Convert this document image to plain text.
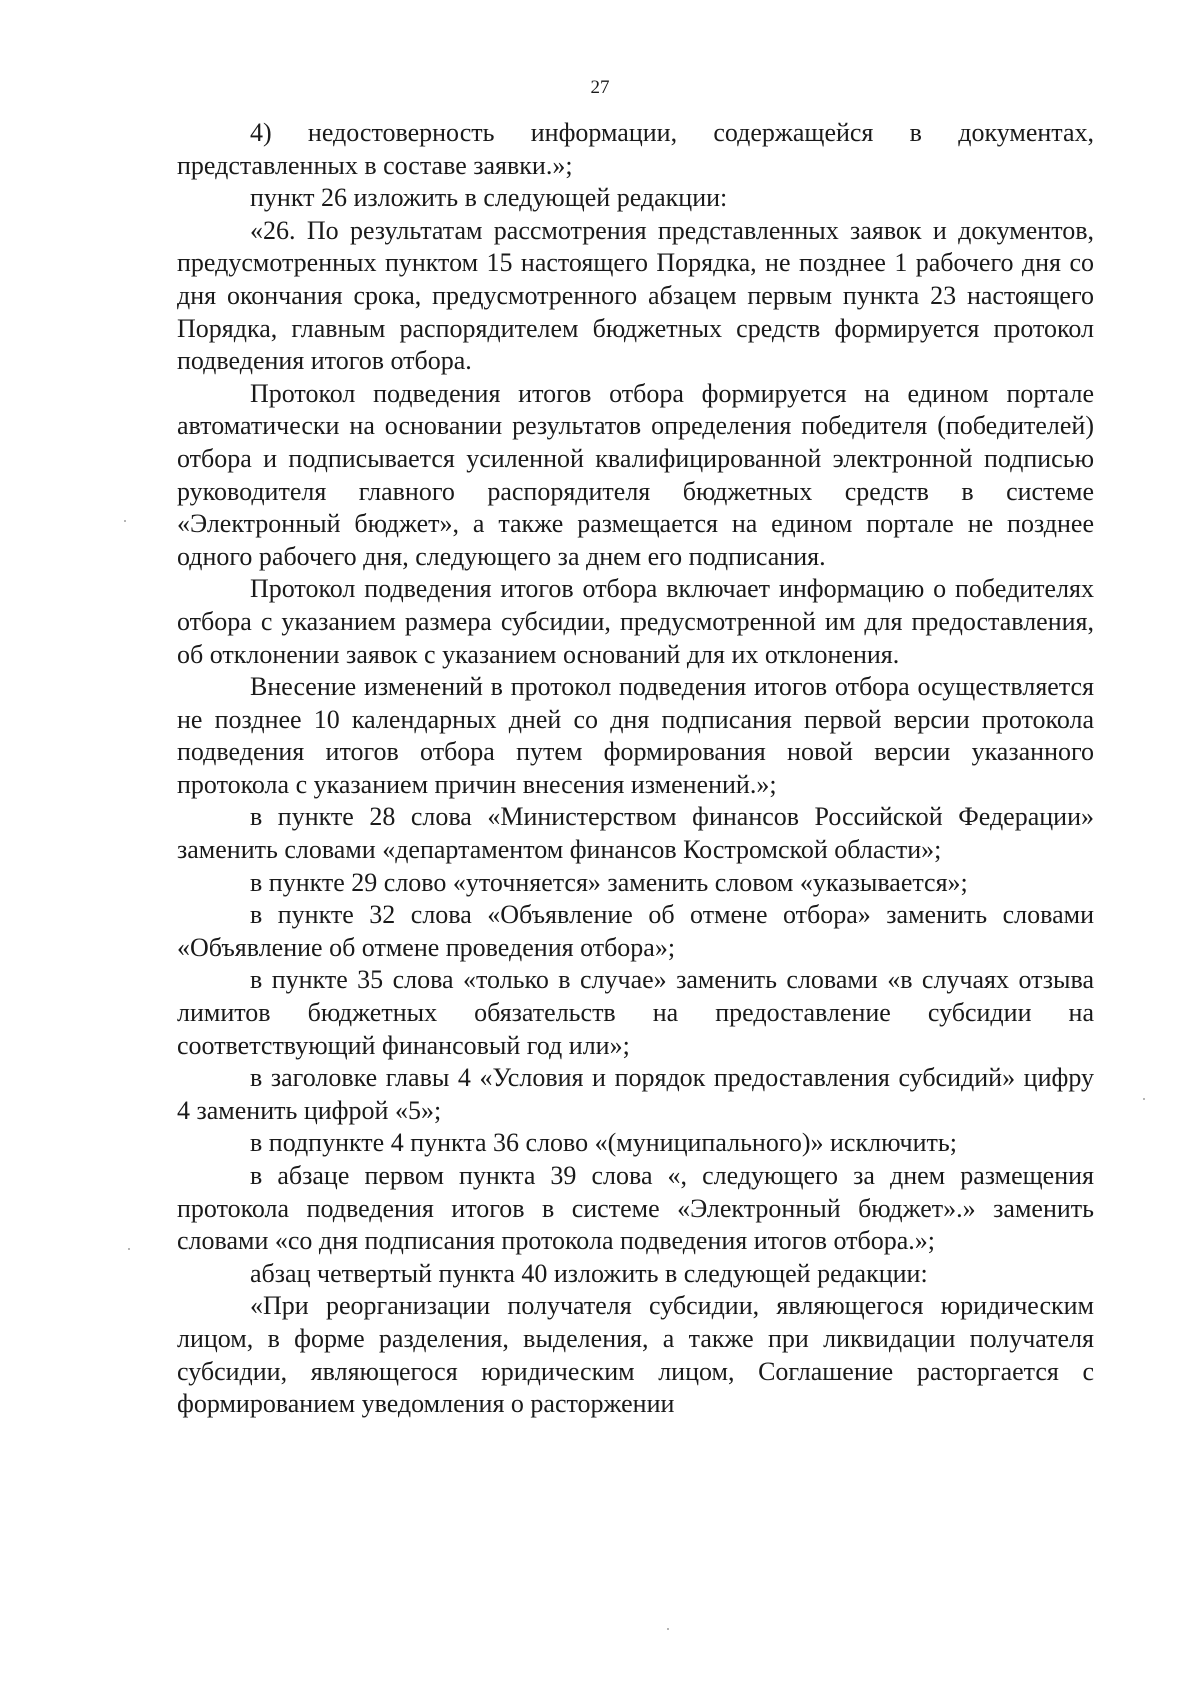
27

4) недостоверность информации, содержащейся в документах, представленных в составе заявки.»;

пункт 26 изложить в следующей редакции:

«26. По результатам рассмотрения представленных заявок и документов, предусмотренных пунктом 15 настоящего Порядка, не позднее 1 рабочего дня со дня окончания срока, предусмотренного абзацем первым пункта 23 настоящего Порядка, главным распорядителем бюджетных средств формируется протокол подведения итогов отбора.

Протокол подведения итогов отбора формируется на едином портале автоматически на основании результатов определения победителя (победителей) отбора и подписывается усиленной квалифицированной электронной подписью руководителя главного распорядителя бюджетных средств в системе «Электронный бюджет», а также размещается на едином портале не позднее одного рабочего дня, следующего за днем его подписания.

Протокол подведения итогов отбора включает информацию о победителях отбора с указанием размера субсидии, предусмотренной им для предоставления, об отклонении заявок с указанием оснований для их отклонения.

Внесение изменений в протокол подведения итогов отбора осуществляется не позднее 10 календарных дней со дня подписания первой версии протокола подведения итогов отбора путем формирования новой версии указанного протокола с указанием причин внесения изменений.»;

в пункте 28 слова «Министерством финансов Российской Федерации» заменить словами «департаментом финансов Костромской области»;

в пункте 29 слово «уточняется» заменить словом «указывается»;

в пункте 32 слова «Объявление об отмене отбора» заменить словами «Объявление об отмене проведения отбора»;

в пункте 35 слова «только в случае» заменить словами «в случаях отзыва лимитов бюджетных обязательств на предоставление субсидии на соответствующий финансовый год или»;

в заголовке главы 4 «Условия и порядок предоставления субсидий» цифру 4 заменить цифрой «5»;

в подпункте 4 пункта 36 слово «(муниципального)» исключить;

в абзаце первом пункта 39 слова «, следующего за днем размещения протокола подведения итогов в системе «Электронный бюджет».» заменить словами «со дня подписания протокола подведения итогов отбора.»;

абзац четвертый пункта 40 изложить в следующей редакции:

«При реорганизации получателя субсидии, являющегося юридическим лицом, в форме разделения, выделения, а также при ликвидации получателя субсидии, являющегося юридическим лицом, Соглашение расторгается с формированием уведомления о расторжении
